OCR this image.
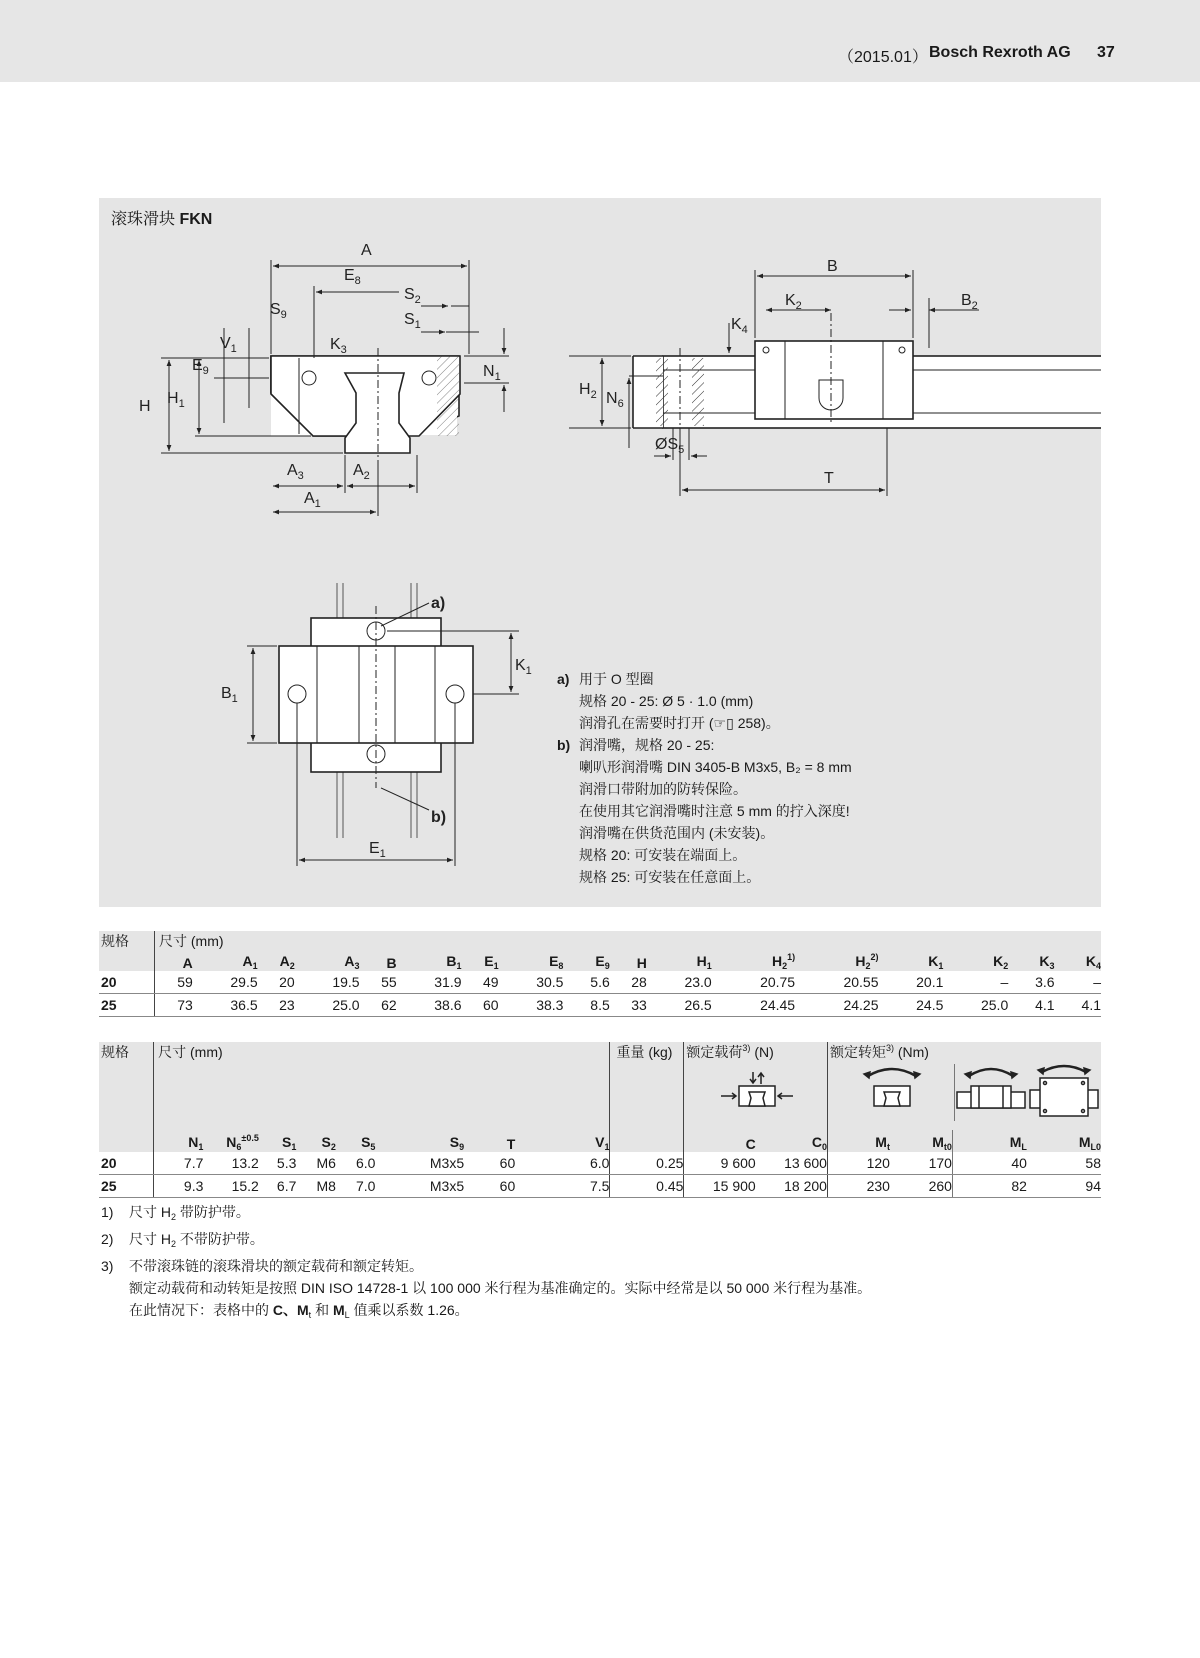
（2015.01） Bosch Rexroth AG 37
滚珠滑块 FKN
A
$E_8$
$S_2$
$S_1$
$S_9$
$V_1$	$K_3$
$E_9$
H $H_1$
$N_1$
$A_3$	$A_2$
$A_1$
B
$K_2$	$B_2$
$K_4$
$H_2$ $N_6$
$ØS_5$
T
a)
b)
$K_1$
$B_1$
$E_1$
a) 用于 O 型圈
规格 20 - 25: Ø 5 · 1.0 (mm)
润滑孔在需要时打开 (☞▯ 258)。
b) 润滑嘴，规格 20 - 25:
喇叭形润滑嘴 DIN 3405-B M3x5, B₂ = 8 mm
润滑口带附加的防转保险。
在使用其它润滑嘴时注意 5 mm 的拧入深度!
润滑嘴在供货范围内 (未安装)。
规格 20: 可安装在端面上。
规格 25: 可安装在任意面上。
规格	尺寸 (mm)																
	A	$A_1$	$A_2$	$A_3$	B	$B_1$	$E_1$	$E_8$	$E_9$	H	$H_1$	$H_2^{1)}$	$H_2^{2)}$	$K_1$	$K_2$	$K_3$	$K_4$
20	59	29.5	20	19.5	55	31.9	49	30.5	5.6	28	23.0	20.75	20.55	20.1	–	3.6	–
25	73	36.5	23	25.0	62	38.6	60	38.3	8.5	33	26.5	24.45	24.25	24.5	25.0	4.1	4.1
规格	尺寸 (mm)								重量 (kg)	额定载荷$^{3)}$ (N)		额定转矩$^{3)}$ (Nm)			

	$N_1$	$N_6^{\pm 0.5}$	$S_1$	$S_2$	$S_5$	$S_9$	T	$V_1$		C	$C_0$	$M_t$	$M_{t0}$	$M_L$	$M_{L0}$
20	7.7	13.2	5.3	M6	6.0	M3x5	60	6.0	0.25	9 600	13 600	120	170	40	58
25	9.3	15.2	6.7	M8	7.0	M3x5	60	7.5	0.45	15 900	18 200	230	260	82	94
1)	尺寸 $H_2$ 带防护带。
2)	尺寸 $H_2$ 不带防护带。
3)	不带滚珠链的滚珠滑块的额定载荷和额定转矩。
额定动载荷和动转矩是按照 DIN ISO 14728-1 以 100 000 米行程为基准确定的。实际中经常是以 50 000 米行程为基准。
在此情况下：表格中的 C、$M_t$ 和 $M_L$ 值乘以系数 1.26。
